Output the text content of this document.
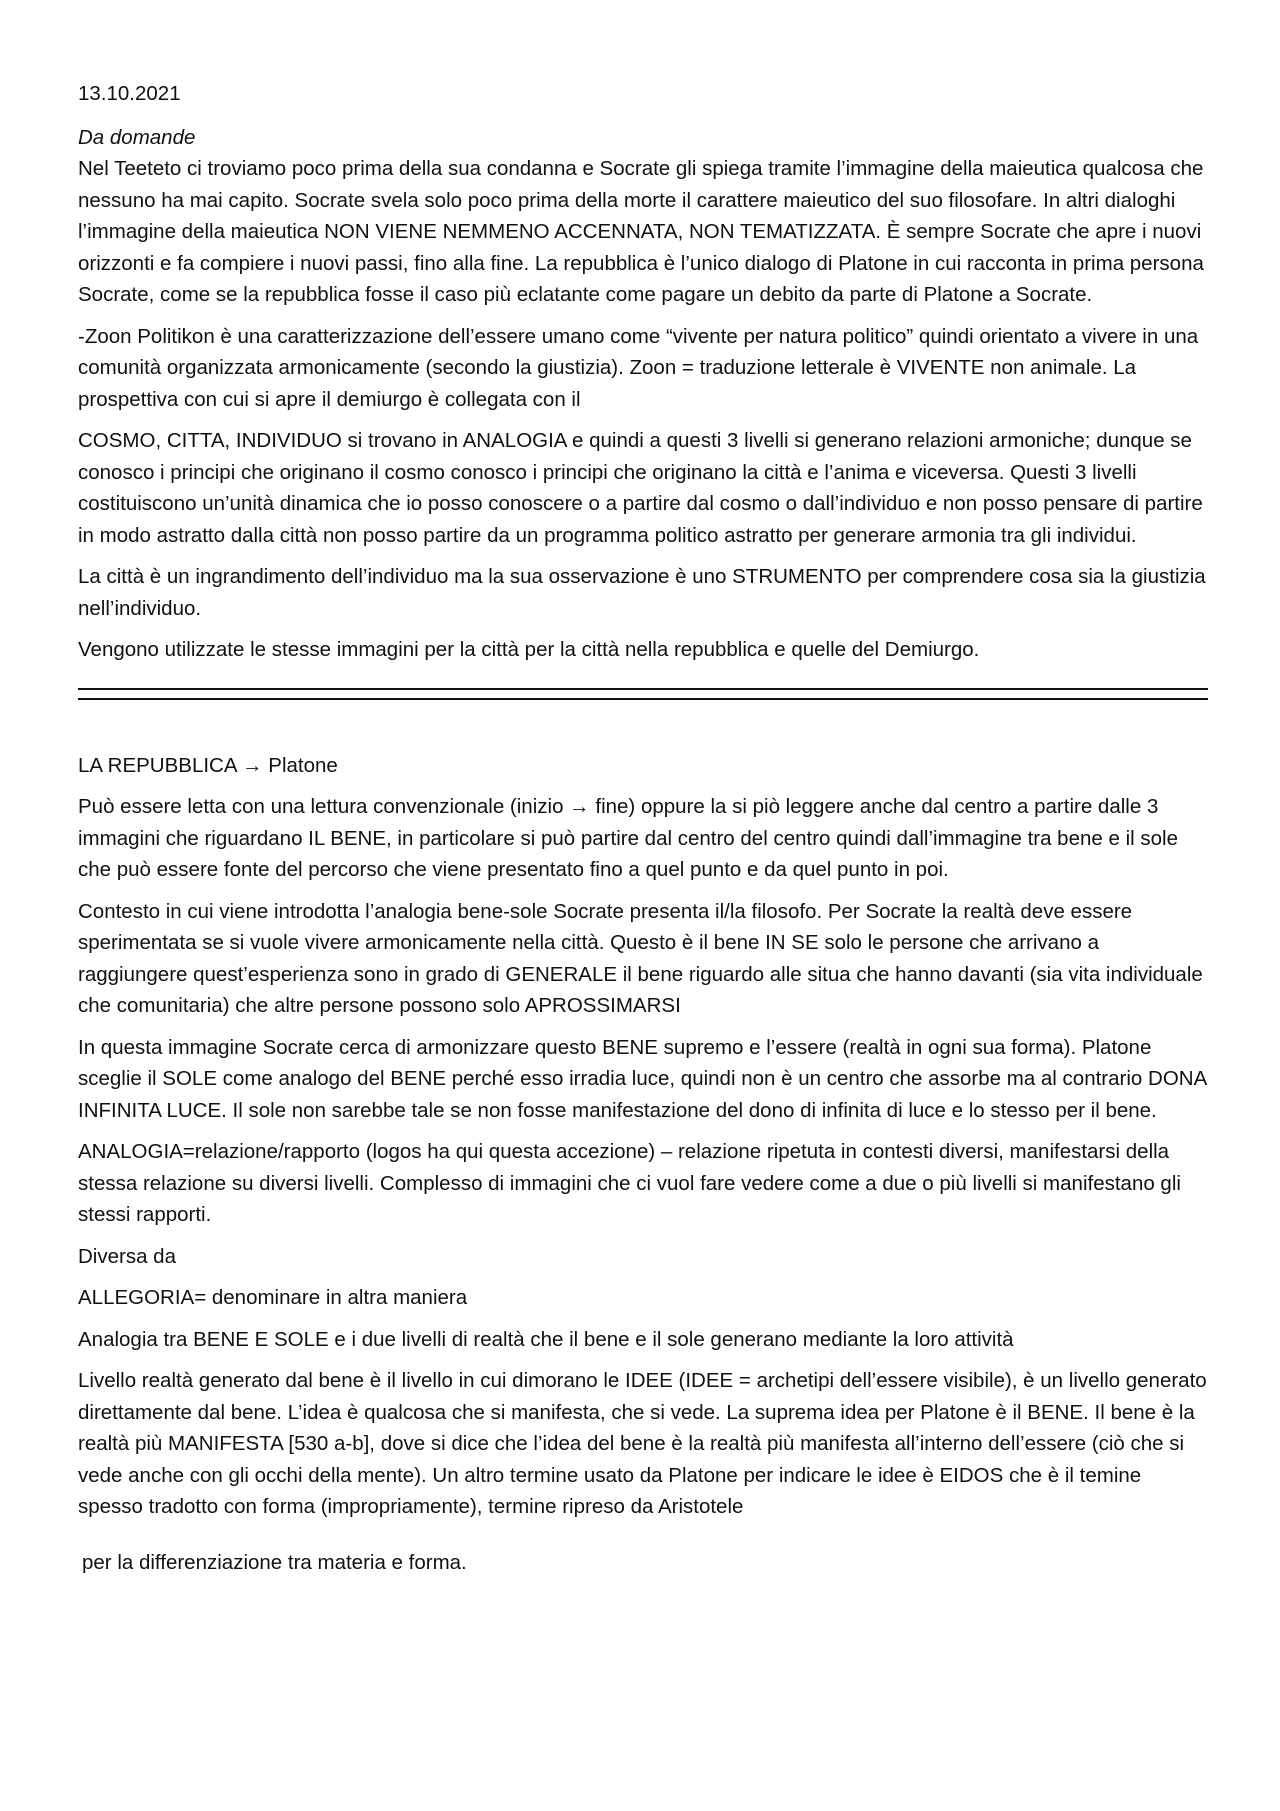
13.10.2021

Da domande

Nel Teeteto ci troviamo poco prima della sua condanna e Socrate gli spiega tramite l’immagine della maieutica qualcosa che nessuno ha mai capito. Socrate svela solo poco prima della morte il carattere maieutico del suo filosofare. In altri dialoghi l’immagine della maieutica NON VIENE NEMMENO ACCENNATA, NON TEMATIZZATA. È sempre Socrate che apre i nuovi orizzonti e fa compiere i nuovi passi, fino alla fine. La repubblica è l’unico dialogo di Platone in cui racconta in prima persona Socrate, come se la repubblica fosse il caso più eclatante come pagare un debito da parte di Platone a Socrate.

-Zoon Politikon è una caratterizzazione dell’essere umano come “vivente per natura politico” quindi orientato a vivere in una comunità organizzata armonicamente (secondo la giustizia). Zoon = traduzione letterale è VIVENTE non animale. La prospettiva con cui si apre il demiurgo è collegata con il

COSMO, CITTA, INDIVIDUO si trovano in ANALOGIA e quindi a questi 3 livelli si generano relazioni armoniche; dunque se conosco i principi che originano il cosmo conosco i principi che originano la città e l’anima e viceversa. Questi 3 livelli costituiscono un’unità dinamica che io posso conoscere o a partire dal cosmo o dall’individuo e non posso pensare di partire in modo astratto dalla città non posso partire da un programma politico astratto per generare armonia tra gli individui.

La città è un ingrandimento dell’individuo ma la sua osservazione è uno STRUMENTO per comprendere cosa sia la giustizia nell’individuo.

Vengono utilizzate le stesse immagini per la città per la città nella repubblica e quelle del Demiurgo.

LA REPUBBLICA → Platone

Può essere letta con una lettura convenzionale (inizio → fine) oppure la si piò leggere anche dal centro a partire dalle 3 immagini che riguardano IL BENE, in particolare si può partire dal centro del centro quindi dall’immagine tra bene e il sole che può essere fonte del percorso che viene presentato fino a quel punto e da quel punto in poi.

Contesto in cui viene introdotta l’analogia bene-sole Socrate presenta il/la filosofo. Per Socrate la realtà deve essere sperimentata se si vuole vivere armonicamente nella città. Questo è il bene IN SE solo le persone che arrivano a raggiungere quest’esperienza sono in grado di GENERALE il bene riguardo alle situa che hanno davanti (sia vita individuale che comunitaria) che altre persone possono solo APROSSIMARSI

In questa immagine Socrate cerca di armonizzare questo BENE supremo e l’essere (realtà in ogni sua forma). Platone sceglie il SOLE come analogo del BENE perché esso irradia luce, quindi non è un centro che assorbe ma al contrario DONA INFINITA LUCE. Il sole non sarebbe tale se non fosse manifestazione del dono di infinita di luce e lo stesso per il bene.

ANALOGIA=relazione/rapporto (logos ha qui questa accezione) – relazione ripetuta in contesti diversi, manifestarsi della stessa relazione su diversi livelli. Complesso di immagini che ci vuol fare vedere come a due o più livelli si manifestano gli stessi rapporti.

Diversa da

ALLEGORIA= denominare in altra maniera

Analogia tra BENE E SOLE e i due livelli di realtà che il bene e il sole generano mediante la loro attività

Livello realtà generato dal bene è il livello in cui dimorano le IDEE (IDEE = archetipi dell’essere visibile), è un livello generato direttamente dal bene. L’idea è qualcosa che si manifesta, che si vede. La suprema idea per Platone è il BENE. Il bene è la realtà più MANIFESTA [530 a-b], dove si dice che l’idea del bene è la realtà più manifesta all’interno dell’essere (ciò che si vede anche con gli occhi della mente). Un altro termine usato da Platone per indicare le idee è EIDOS che è il temine spesso tradotto con forma (impropriamente), termine ripreso da Aristotele

per la differenziazione tra materia e forma.
